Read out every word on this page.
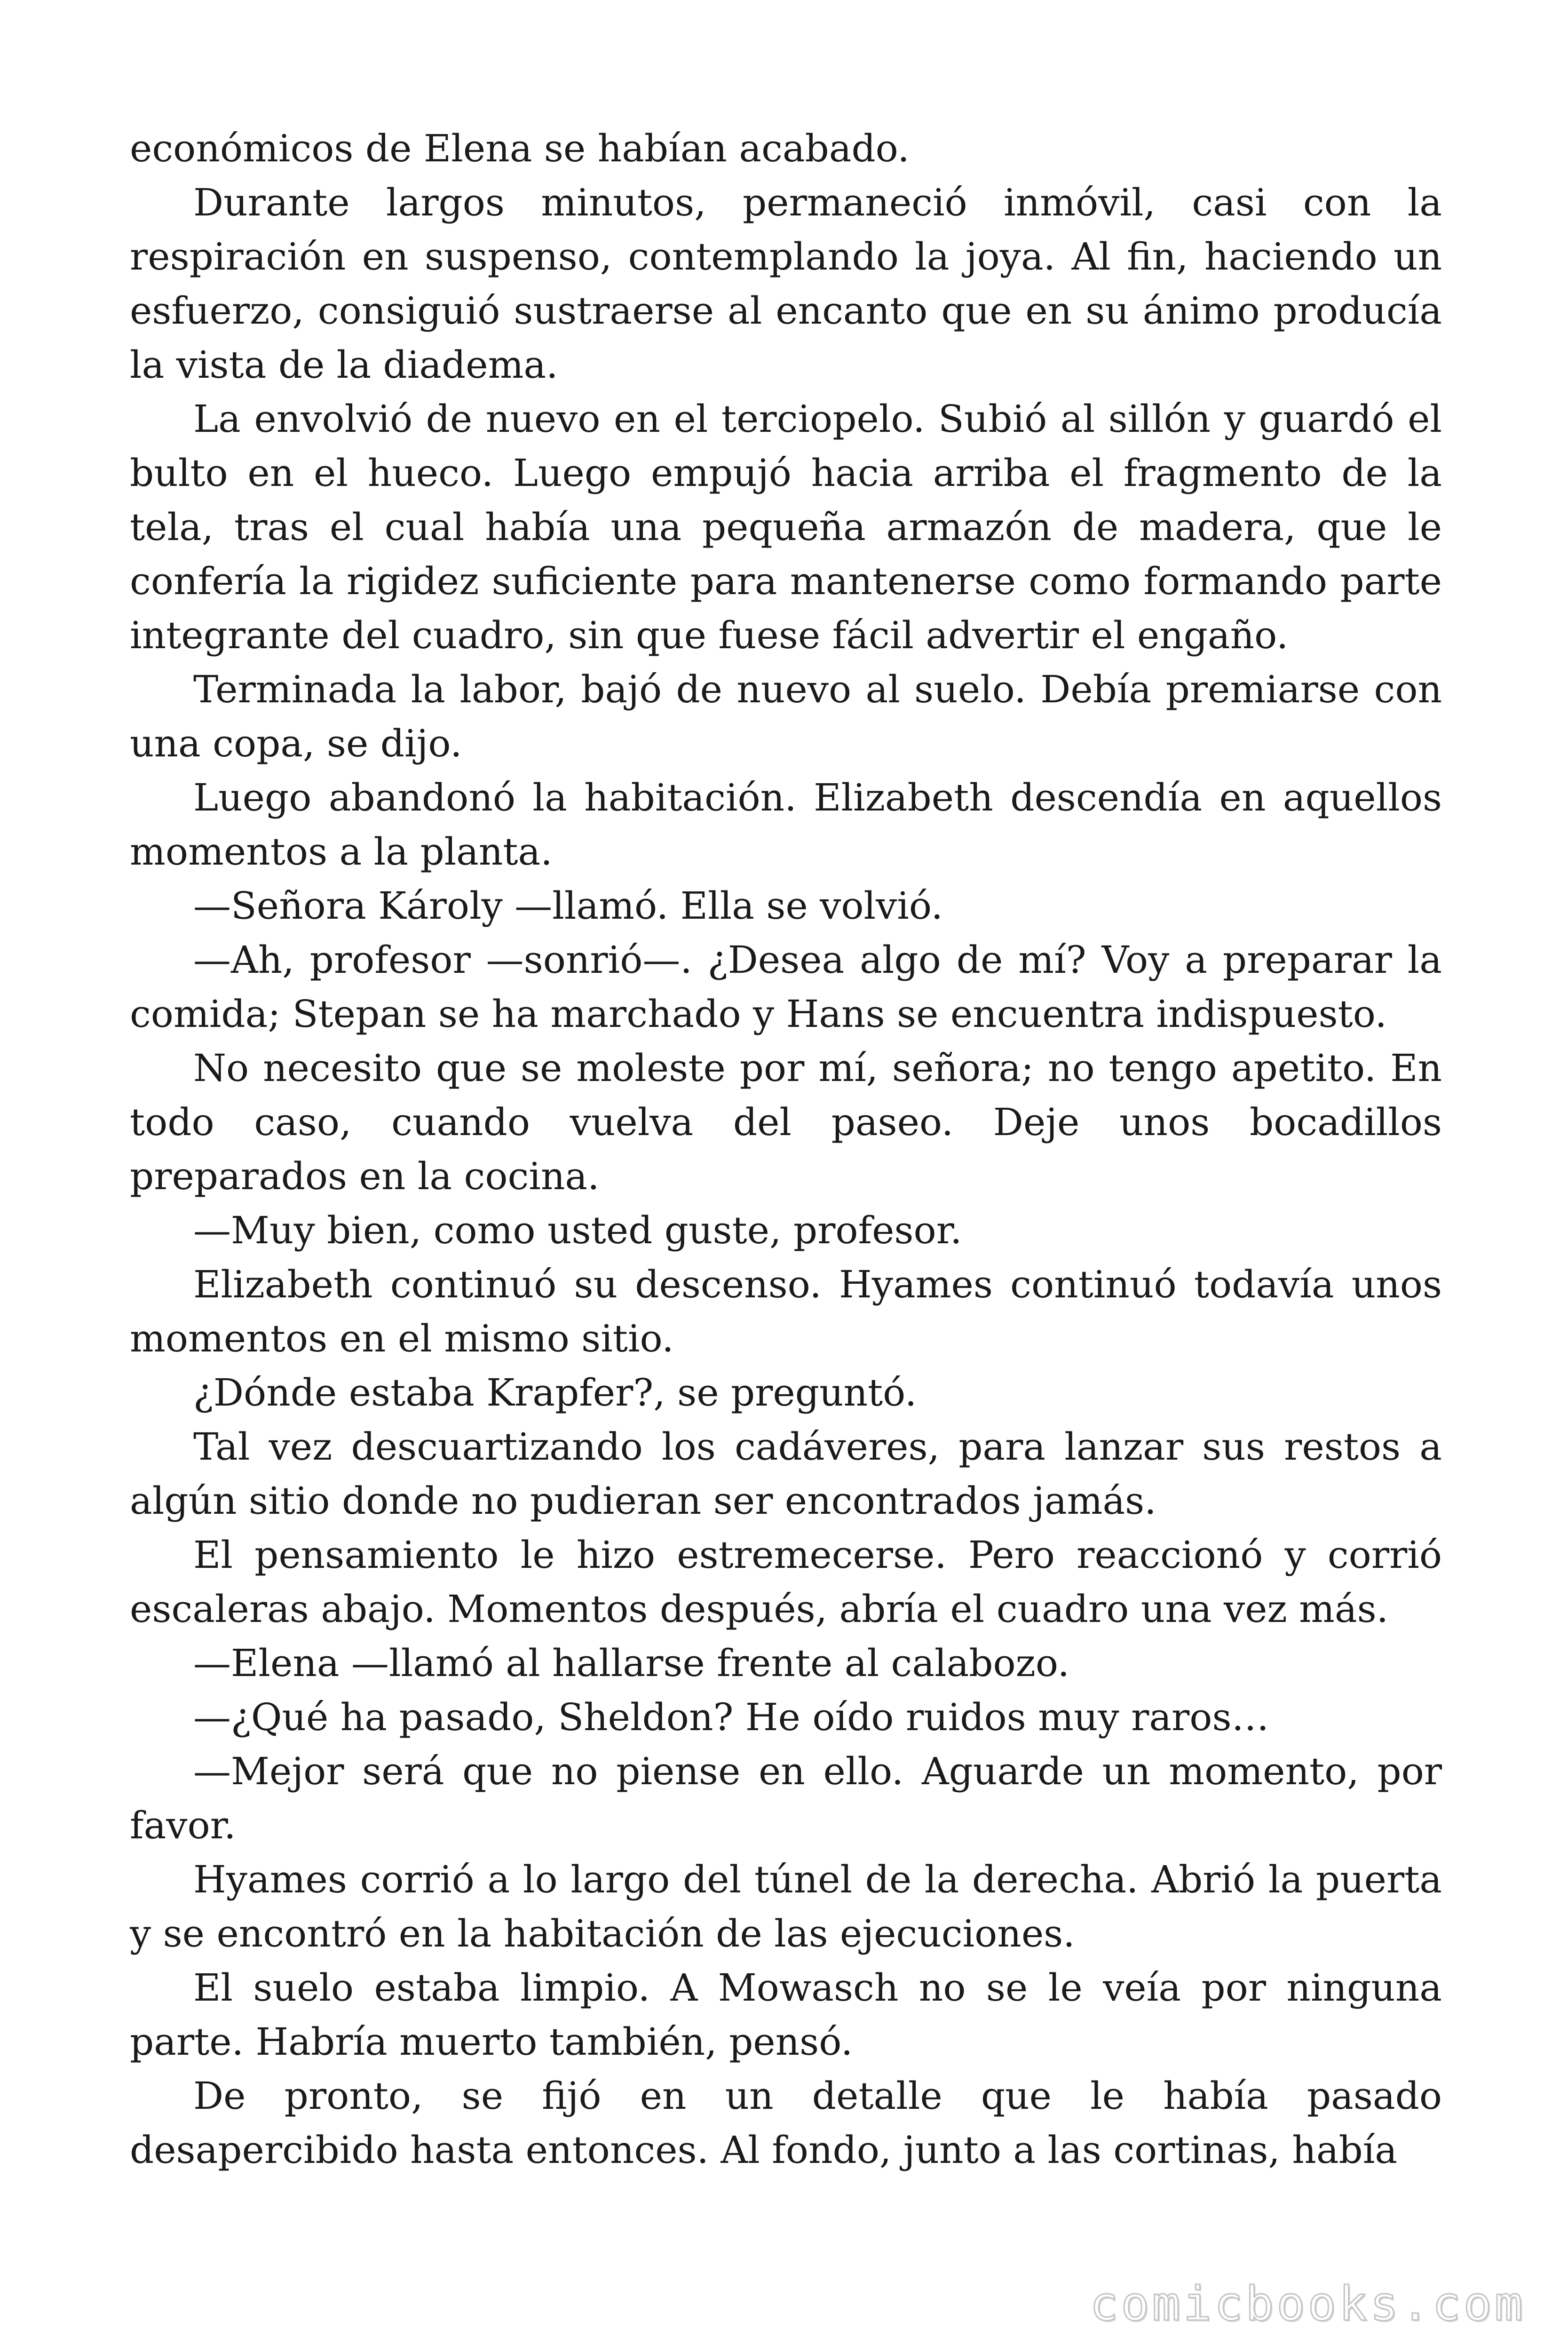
económicos de Elena se habían acabado.

Durante largos minutos, permaneció inmóvil, casi con la respiración en suspenso, contemplando la joya. Al fin, haciendo un esfuerzo, consiguió sustraerse al encanto que en su ánimo producía la vista de la diadema.

La envolvió de nuevo en el terciopelo. Subió al sillón y guardó el bulto en el hueco. Luego empujó hacia arriba el fragmento de la tela, tras el cual había una pequeña armazón de madera, que le confería la rigidez suficiente para mantenerse como formando parte integrante del cuadro, sin que fuese fácil advertir el engaño.

Terminada la labor, bajó de nuevo al suelo. Debía premiarse con una copa, se dijo.

Luego abandonó la habitación. Elizabeth descendía en aquellos momentos a la planta.

—Señora Károly —llamó. Ella se volvió.

—Ah, profesor —sonrió—. ¿Desea algo de mí? Voy a preparar la comida; Stepan se ha marchado y Hans se encuentra indispuesto.

No necesito que se moleste por mí, señora; no tengo apetito. En todo caso, cuando vuelva del paseo. Deje unos bocadillos preparados en la cocina.

—Muy bien, como usted guste, profesor.

Elizabeth continuó su descenso. Hyames continuó todavía unos momentos en el mismo sitio.

¿Dónde estaba Krapfer?, se preguntó.

Tal vez descuartizando los cadáveres, para lanzar sus restos a algún sitio donde no pudieran ser encontrados jamás.

El pensamiento le hizo estremecerse. Pero reaccionó y corrió escaleras abajo. Momentos después, abría el cuadro una vez más.

—Elena —llamó al hallarse frente al calabozo.

—¿Qué ha pasado, Sheldon? He oído ruidos muy raros…

—Mejor será que no piense en ello. Aguarde un momento, por favor.

Hyames corrió a lo largo del túnel de la derecha. Abrió la puerta y se encontró en la habitación de las ejecuciones.

El suelo estaba limpio. A Mowasch no se le veía por ninguna parte. Habría muerto también, pensó.

De pronto, se fijó en un detalle que le había pasado desapercibido hasta entonces. Al fondo, junto a las cortinas, había

comicbooks.com
